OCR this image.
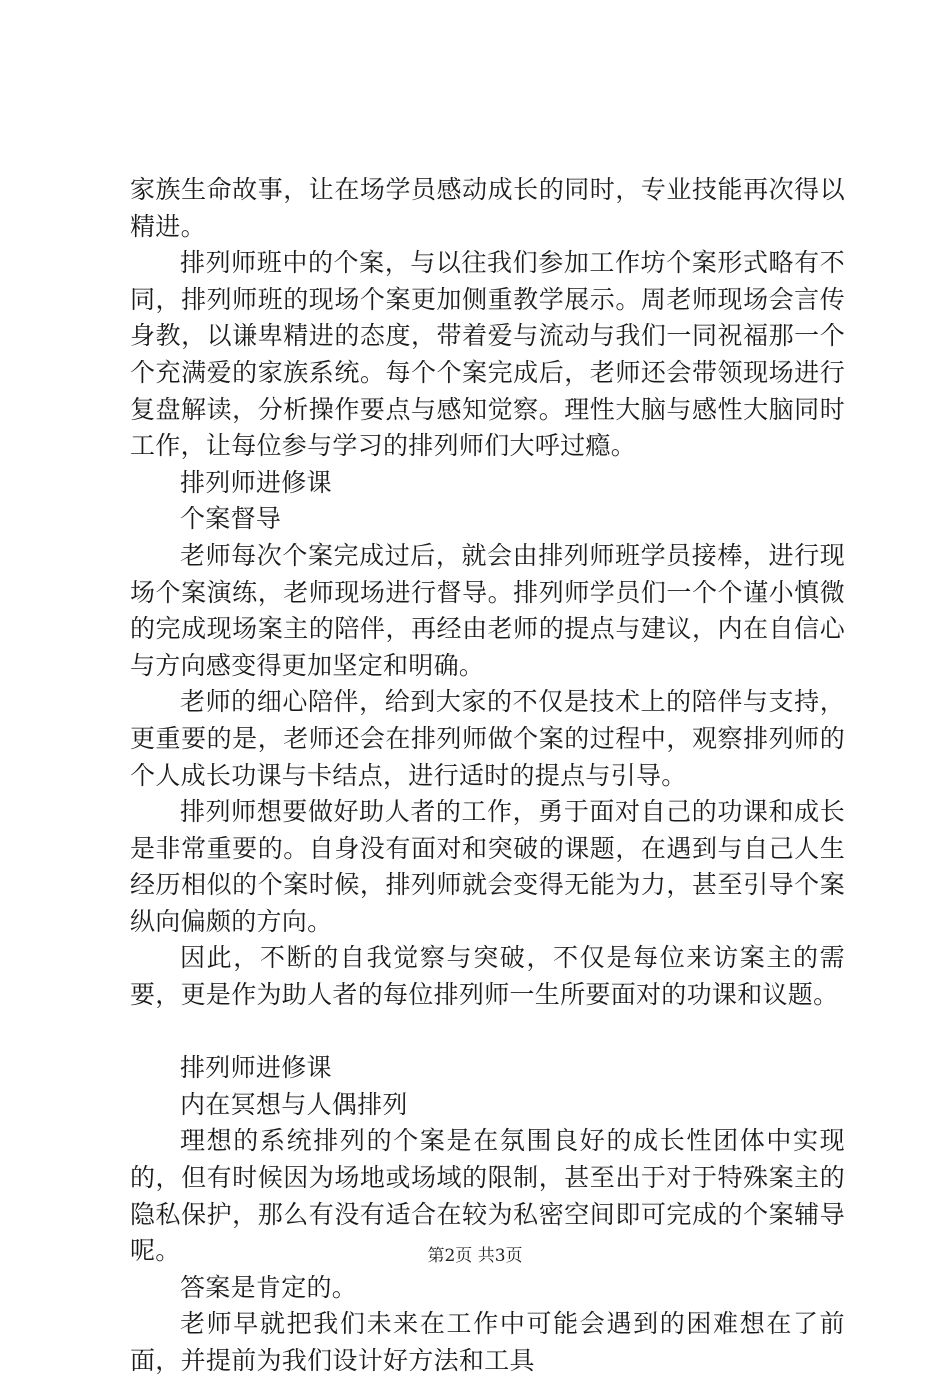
家族生命故事，让在场学员感动成长的同时，专业技能再次得以精进。

排列师班中的个案，与以往我们参加工作坊个案形式略有不同，排列师班的现场个案更加侧重教学展示。周老师现场会言传身教，以谦卑精进的态度，带着爱与流动与我们一同祝福那一个个充满爱的家族系统。每个个案完成后，老师还会带领现场进行复盘解读，分析操作要点与感知觉察。理性大脑与感性大脑同时工作，让每位参与学习的排列师们大呼过瘾。

排列师进修课

个案督导

老师每次个案完成过后，就会由排列师班学员接棒，进行现场个案演练，老师现场进行督导。排列师学员们一个个谨小慎微的完成现场案主的陪伴，再经由老师的提点与建议，内在自信心与方向感变得更加坚定和明确。

老师的细心陪伴，给到大家的不仅是技术上的陪伴与支持，更重要的是，老师还会在排列师做个案的过程中，观察排列师的个人成长功课与卡结点，进行适时的提点与引导。

排列师想要做好助人者的工作，勇于面对自己的功课和成长是非常重要的。自身没有面对和突破的课题，在遇到与自己人生经历相似的个案时候，排列师就会变得无能为力，甚至引导个案纵向偏颇的方向。

因此，不断的自我觉察与突破，不仅是每位来访案主的需要，更是作为助人者的每位排列师一生所要面对的功课和议题。

排列师进修课

内在冥想与人偶排列

理想的系统排列的个案是在氛围良好的成长性团体中实现的，但有时候因为场地或场域的限制，甚至出于对于特殊案主的隐私保护，那么有没有适合在较为私密空间即可完成的个案辅导呢。

答案是肯定的。

老师早就把我们未来在工作中可能会遇到的困难想在了前面，并提前为我们设计好方法和工具

第2页 共3页
